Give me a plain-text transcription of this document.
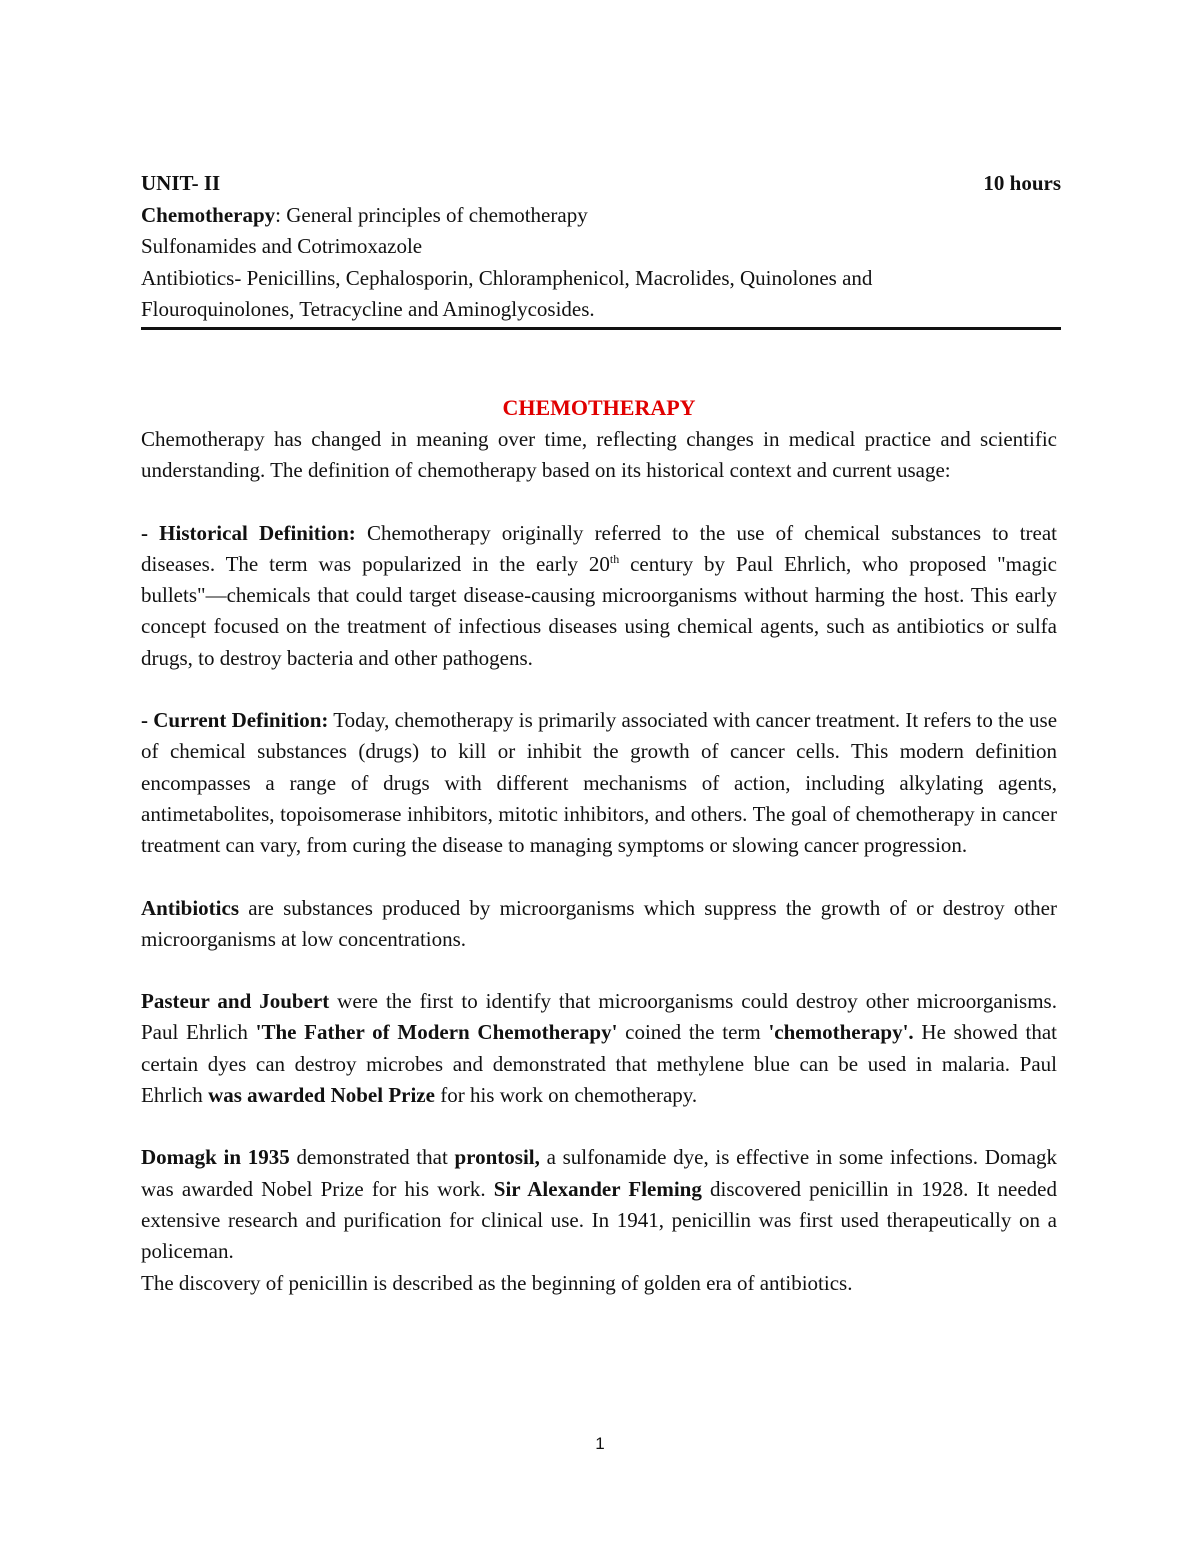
UNIT- II	10 hours
Chemotherapy: General principles of chemotherapy
Sulfonamides and Cotrimoxazole
Antibiotics- Penicillins, Cephalosporin, Chloramphenicol, Macrolides, Quinolones and
Flouroquinolones, Tetracycline and Aminoglycosides.
CHEMOTHERAPY

Chemotherapy has changed in meaning over time, reflecting changes in medical practice and scientific understanding. The definition of chemotherapy based on its historical context and current usage:

- Historical Definition: Chemotherapy originally referred to the use of chemical substances to treat diseases. The term was popularized in the early 20th century by Paul Ehrlich, who proposed "magic bullets"—chemicals that could target disease-causing microorganisms without harming the host. This early concept focused on the treatment of infectious diseases using chemical agents, such as antibiotics or sulfa drugs, to destroy bacteria and other pathogens.

- Current Definition: Today, chemotherapy is primarily associated with cancer treatment. It refers to the use of chemical substances (drugs) to kill or inhibit the growth of cancer cells. This modern definition encompasses a range of drugs with different mechanisms of action, including alkylating agents, antimetabolites, topoisomerase inhibitors, mitotic inhibitors, and others. The goal of chemotherapy in cancer treatment can vary, from curing the disease to managing symptoms or slowing cancer progression.

Antibiotics are substances produced by microorganisms which suppress the growth of or destroy other microorganisms at low concentrations.

Pasteur and Joubert were the first to identify that microorganisms could destroy other microorganisms. Paul Ehrlich 'The Father of Modern Chemotherapy' coined the term 'chemotherapy'. He showed that certain dyes can destroy microbes and demonstrated that methylene blue can be used in malaria. Paul Ehrlich was awarded Nobel Prize for his work on chemotherapy.

Domagk in 1935 demonstrated that prontosil, a sulfonamide dye, is effective in some infections. Domagk was awarded Nobel Prize for his work. Sir Alexander Fleming discovered penicillin in 1928. It needed extensive research and purification for clinical use. In 1941, penicillin was first used therapeutically on a policeman.

The discovery of penicillin is described as the beginning of golden era of antibiotics.

1
